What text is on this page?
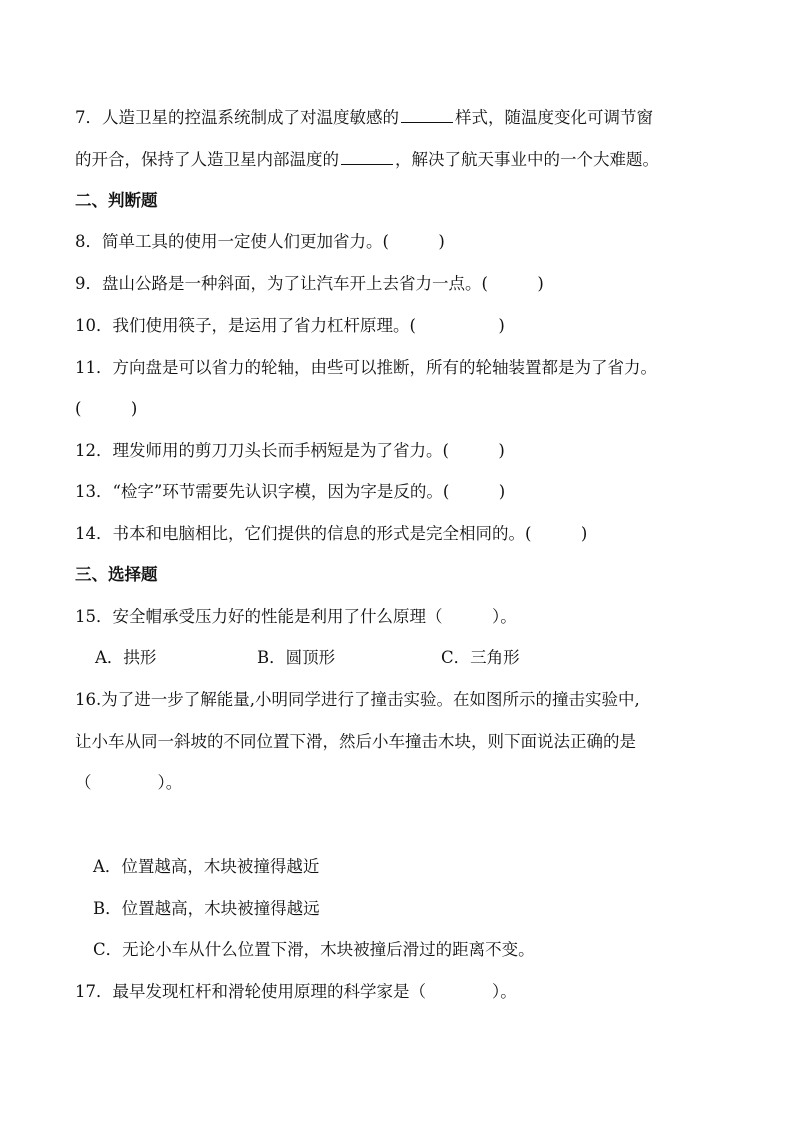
7．人造卫星的控温系统制成了对温度敏感的	样式，随温度变化可调节窗
的开合，保持了人造卫星内部温度的	，解决了航天事业中的一个大难题。
二、判断题
8．简单工具的使用一定使人们更加省力。(　　　)
9．盘山公路是一种斜面，为了让汽车开上去省力一点。(　　　)
10．我们使用筷子，是运用了省力杠杆原理。(　　　　　)
11．方向盘是可以省力的轮轴，由些可以推断，所有的轮轴装置都是为了省力。
(　　　)
12．理发师用的剪刀刀头长而手柄短是为了省力。(　　　)
13．“检字”环节需要先认识字模，因为字是反的。(　　　)
14．书本和电脑相比，它们提供的信息的形式是完全相同的。(　　　)
三、选择题
15．安全帽承受压力好的性能是利用了什么原理（　　　）。
A．拱形	B．圆顶形	C．三角形
16.为了进一步了解能量,小明同学进行了撞击实验。在如图所示的撞击实验中,
让小车从同一斜坡的不同位置下滑，然后小车撞击木块，则下面说法正确的是
（　　　　）。
A．位置越高，木块被撞得越近
B．位置越高，木块被撞得越远
C．无论小车从什么位置下滑，木块被撞后滑过的距离不变。
17．最早发现杠杆和滑轮使用原理的科学家是（　　　　）。
